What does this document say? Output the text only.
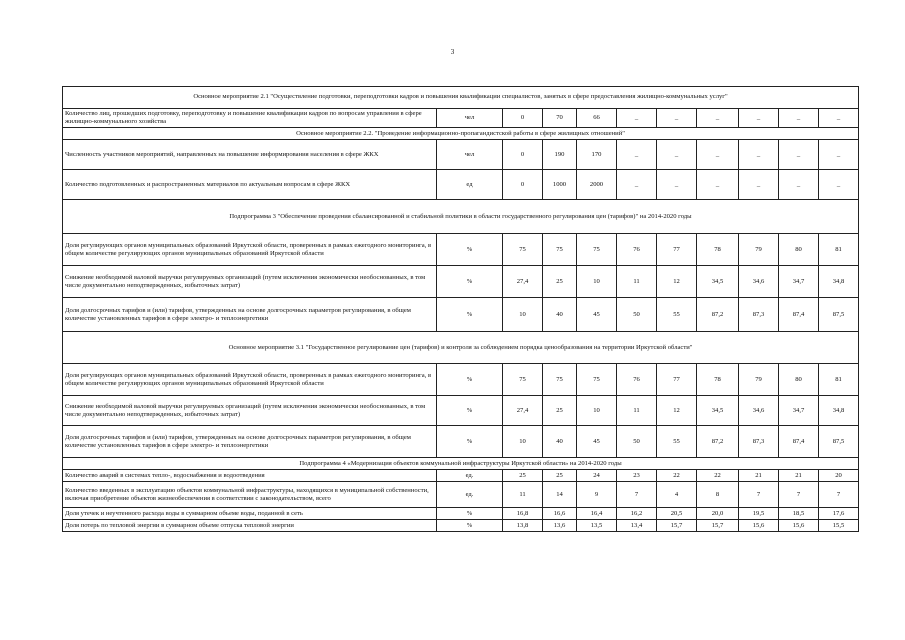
3
Основное мероприятие 2.1 "Осуществление подготовки, переподготовки кадров и повышения квалификации специалистов, занятых в сфере предоставления жилищно-коммунальных услуг"										
Количество лиц, прошедших подготовку, переподготовку и повышение квалификации кадров по вопросам управления в сфере жилищно-коммунального хозяйства	чел	0	70	66	_	_	_	_	_	_
Основное мероприятие 2.2. "Проведение информационно-пропагандистской работы в сфере жилищных отношений"										
Численность участников мероприятий, направленных на повышение информирования населения в сфере ЖКХ	чел	0	190	170	_	_	_	_	_	_
Количество подготовленных и распространенных материалов по актуальным вопросам в сфере ЖКХ	ед	0	1000	2000	_	_	_	_	_	_
Подпрограмма 3 "Обеспечение проведения сбалансированной и стабильной политики в области государственного регулирования цен (тарифов)" на 2014-2020 годы										
Доля регулирующих органов муниципальных образований Иркутской области, проверенных в рамках ежегодного мониторинга, в общем количестве регулирующих органов муниципальных образований Иркутской области	%	75	75	75	76	77	78	79	80	81
Снижение необходимой валовой выручки регулируемых организаций (путем исключения экономически необоснованных, в том числе документально неподтвержденных, избыточных затрат)	%	27,4	25	10	11	12	34,5	34,6	34,7	34,8
Доля долгосрочных тарифов и (или) тарифов, утвержденных на основе долгосрочных параметров регулирования, в общем количестве установленных тарифов в сфере электро- и теплоэнергетики	%	10	40	45	50	55	87,2	87,3	87,4	87,5
Основное мероприятие 3.1 "Государственное регулирование цен (тарифов) и контроля за соблюдением порядка ценообразования на территории Иркутской области"										
Доля регулирующих органов муниципальных образований Иркутской области, проверенных в рамках ежегодного мониторинга, в общем количестве регулирующих органов муниципальных образований Иркутской области	%	75	75	75	76	77	78	79	80	81
Снижение необходимой валовой выручки регулируемых организаций (путем исключения экономически необоснованных, в том числе документально неподтвержденных, избыточных затрат)	%	27,4	25	10	11	12	34,5	34,6	34,7	34,8
Доля долгосрочных тарифов и (или) тарифов, утвержденных на основе долгосрочных параметров регулирования, в общем количестве установленных тарифов в сфере электро- и теплоэнергетики	%	10	40	45	50	55	87,2	87,3	87,4	87,5
Подпрограмма 4 «Модернизация объектов коммунальной инфраструктуры Иркутской области» на 2014-2020 годы										
Количество аварий в системах тепло-, водоснабжения и водоотведения	ед.	25	25	24	23	22	22	21	21	20
Количество введенных в эксплуатацию объектов коммунальной инфраструктуры, находящихся в муниципальной собственности, включая приобретение объектов жизнеобеспечения в соответствии с законодательством, всего	ед.	11	14	9	7	4	8	7	7	7
Доля утечек и неучтенного расхода воды в суммарном объеме воды, поданной в сеть	%	16,8	16,6	16,4	16,2	20,5	20,0	19,5	18,5	17,6
Доля потерь по тепловой энергии в суммарном объеме отпуска тепловой энергии	%	13,8	13,6	13,5	13,4	15,7	15,7	15,6	15,6	15,5
